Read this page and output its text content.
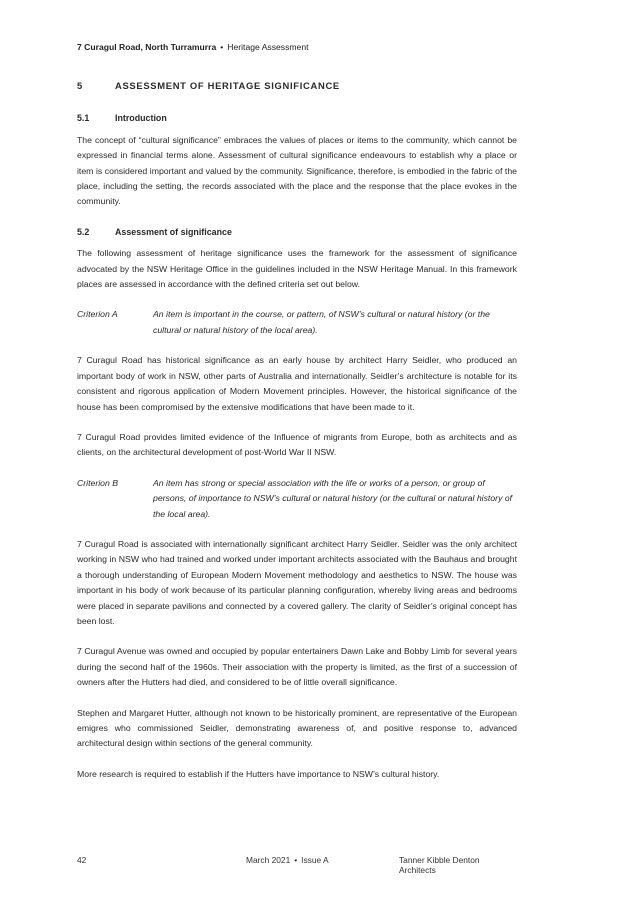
7 Curagul Road, North Turramurra • Heritage Assessment
5	ASSESSMENT OF HERITAGE SIGNIFICANCE
5.1	Introduction

The concept of “cultural significance” embraces the values of places or items to the community, which cannot be expressed in financial terms alone. Assessment of cultural significance endeavours to establish why a place or item is considered important and valued by the community. Significance, therefore, is embodied in the fabric of the place, including the setting, the records associated with the place and the response that the place evokes in the community.

5.2	Assessment of significance

The following assessment of heritage significance uses the framework for the assessment of significance advocated by the NSW Heritage Office in the guidelines included in the NSW Heritage Manual. In this framework places are assessed in accordance with the defined criteria set out below.

Criterion A	An item is important in the course, or pattern, of NSW’s cultural or natural history (or the cultural or natural history of the local area).

7 Curagul Road has historical significance as an early house by architect Harry Seidler, who produced an important body of work in NSW, other parts of Australia and internationally. Seidler’s architecture is notable for its consistent and rigorous application of Modern Movement principles. However, the historical significance of the house has been compromised by the extensive modifications that have been made to it.

7 Curagul Road provides limited evidence of the Influence of migrants from Europe, both as architects and as clients, on the architectural development of post-World War II NSW.

Criterion B	An item has strong or special association with the life or works of a person, or group of persons, of importance to NSW’s cultural or natural history (or the cultural or natural history of the local area).

7 Curagul Road is associated with internationally significant architect Harry Seidler. Seidler was the only architect working in NSW who had trained and worked under important architects associated with the Bauhaus and brought a thorough understanding of European Modern Movement methodology and aesthetics to NSW. The house was important in his body of work because of its particular planning configuration, whereby living areas and bedrooms were placed in separate pavilions and connected by a covered gallery. The clarity of Seidler’s original concept has been lost.

7 Curagul Avenue was owned and occupied by popular entertainers Dawn Lake and Bobby Limb for several years during the second half of the 1960s. Their association with the property is limited, as the first of a succession of owners after the Hutters had died, and considered to be of little overall significance.

Stephen and Margaret Hutter, although not known to be historically prominent, are representative of the European emigres who commissioned Seidler, demonstrating awareness of, and positive response to, advanced architectural design within sections of the general community.

More research is required to establish if the Hutters have importance to NSW’s cultural history.

42	March 2021 • Issue A	Tanner Kibble Denton Architects
